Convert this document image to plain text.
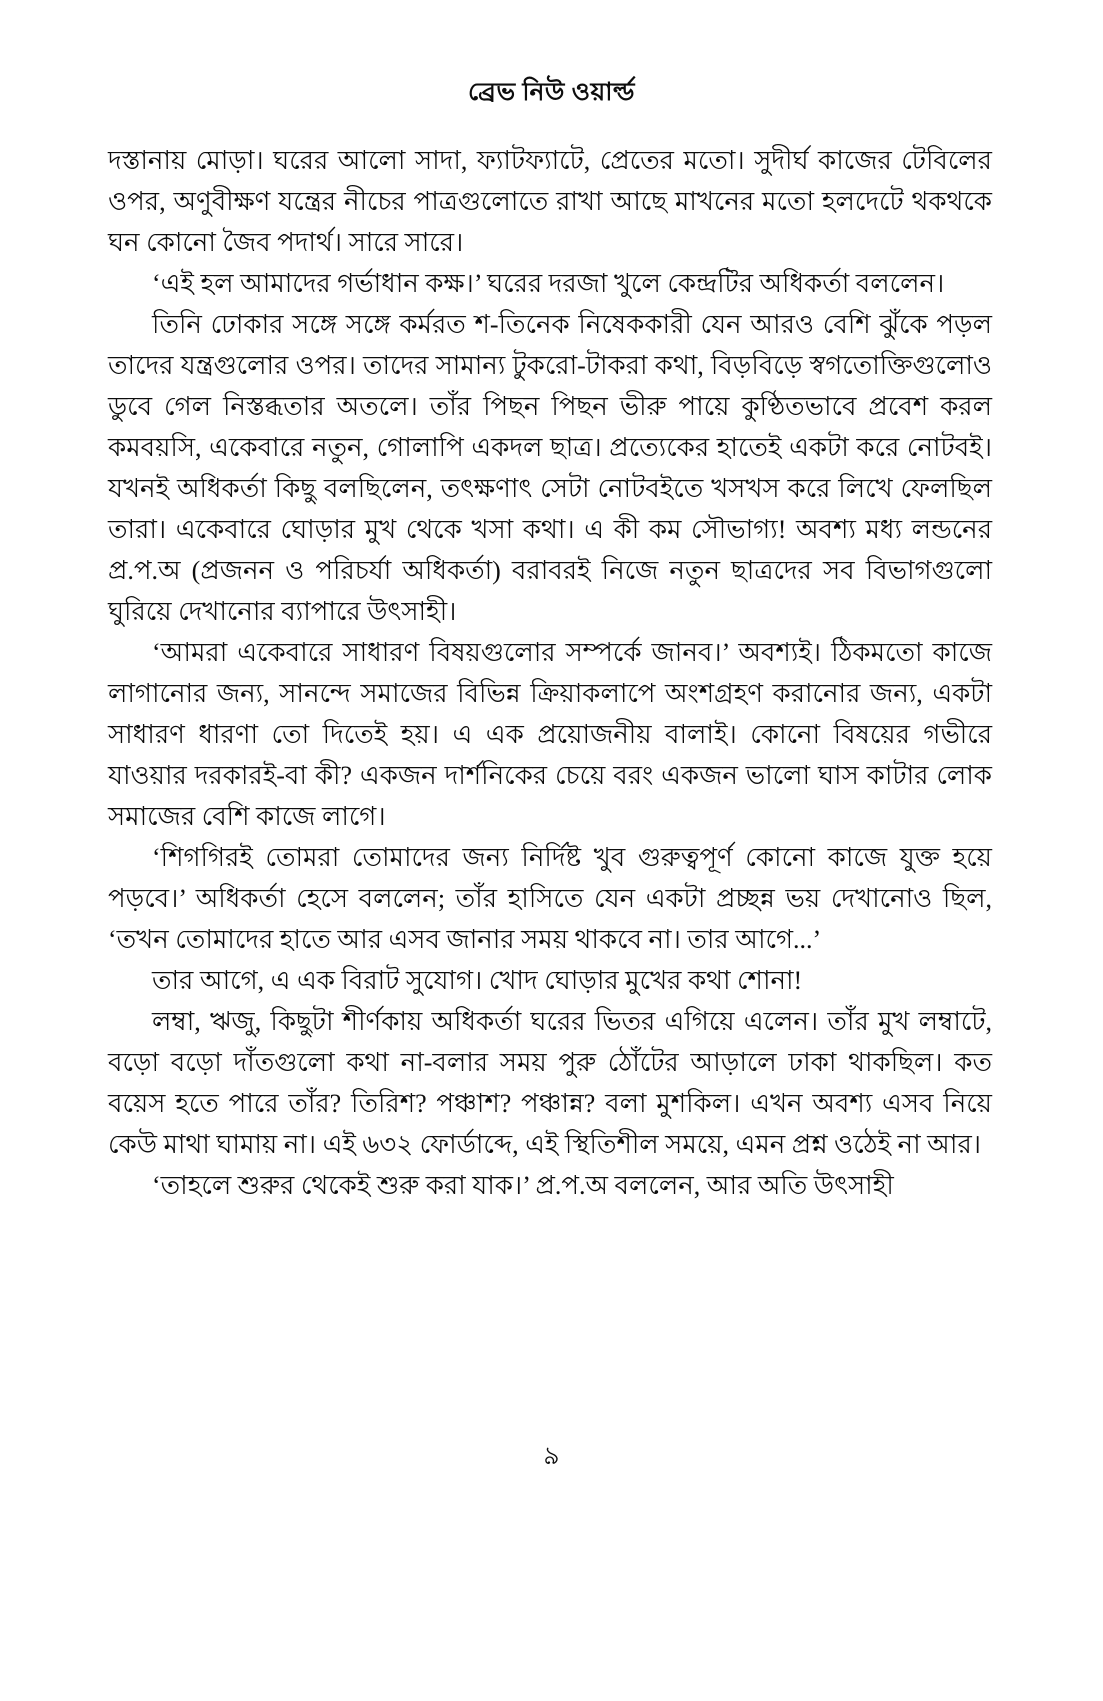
ব্রেভ নিউ ওয়ার্ল্ড

দস্তানায় মোড়া। ঘরের আলো সাদা, ফ্যাটফ্যাটে, প্রেতের মতো। সুদীর্ঘ কাজের টেবিলের ওপর, অণুবীক্ষণ যন্ত্রের নীচের পাত্রগুলোতে রাখা আছে মাখনের মতো হলদেটে থকথকে ঘন কোনো জৈব পদার্থ। সারে সারে।

‘এই হল আমাদের গর্ভাধান কক্ষ।’ ঘরের দরজা খুলে কেন্দ্রটির অধিকর্তা বললেন।

তিনি ঢোকার সঙ্গে সঙ্গে কর্মরত শ-তিনেক নিষেককারী যেন আরও বেশি ঝুঁকে পড়ল তাদের যন্ত্রগুলোর ওপর। তাদের সামান্য টুকরো-টাকরা কথা, বিড়বিড়ে স্বগতোক্তিগুলোও ডুবে গেল নিস্তব্ধতার অতলে। তাঁর পিছন পিছন ভীরু পায়ে কুণ্ঠিতভাবে প্রবেশ করল কমবয়সি, একেবারে নতুন, গোলাপি একদল ছাত্র। প্রত্যেকের হাতেই একটা করে নোটবই। যখনই অধিকর্তা কিছু বলছিলেন, তৎক্ষণাৎ সেটা নোটবইতে খসখস করে লিখে ফেলছিল তারা। একেবারে ঘোড়ার মুখ থেকে খসা কথা। এ কী কম সৌভাগ্য! অবশ্য মধ্য লন্ডনের প্র.প.অ (প্রজনন ও পরিচর্যা অধিকর্তা) বরাবরই নিজে নতুন ছাত্রদের সব বিভাগগুলো ঘুরিয়ে দেখানোর ব্যাপারে উৎসাহী।

‘আমরা একেবারে সাধারণ বিষয়গুলোর সম্পর্কে জানব।’ অবশ্যই। ঠিকমতো কাজে লাগানোর জন্য, সানন্দে সমাজের বিভিন্ন ক্রিয়াকলাপে অংশগ্রহণ করানোর জন্য, একটা সাধারণ ধারণা তো দিতেই হয়। এ এক প্রয়োজনীয় বালাই। কোনো বিষয়ের গভীরে যাওয়ার দরকারই-বা কী? একজন দার্শনিকের চেয়ে বরং একজন ভালো ঘাস কাটার লোক সমাজের বেশি কাজে লাগে।

‘শিগগিরই তোমরা তোমাদের জন্য নির্দিষ্ট খুব গুরুত্বপূর্ণ কোনো কাজে যুক্ত হয়ে পড়বে।’ অধিকর্তা হেসে বললেন; তাঁর হাসিতে যেন একটা প্রচ্ছন্ন ভয় দেখানোও ছিল, ‘তখন তোমাদের হাতে আর এসব জানার সময় থাকবে না। তার আগে...’

তার আগে, এ এক বিরাট সুযোগ। খোদ ঘোড়ার মুখের কথা শোনা!

লম্বা, ঋজু, কিছুটা শীর্ণকায় অধিকর্তা ঘরের ভিতর এগিয়ে এলেন। তাঁর মুখ লম্বাটে, বড়ো বড়ো দাঁতগুলো কথা না-বলার সময় পুরু ঠোঁটের আড়ালে ঢাকা থাকছিল। কত বয়েস হতে পারে তাঁর? তিরিশ? পঞ্চাশ? পঞ্চান্ন? বলা মুশকিল। এখন অবশ্য এসব নিয়ে কেউ মাথা ঘামায় না। এই ৬৩২ ফোর্ডাব্দে, এই স্থিতিশীল সময়ে, এমন প্রশ্ন ওঠেই না আর।

‘তাহলে শুরুর থেকেই শুরু করা যাক।’ প্র.প.অ বললেন, আর অতি উৎসাহী

৯
